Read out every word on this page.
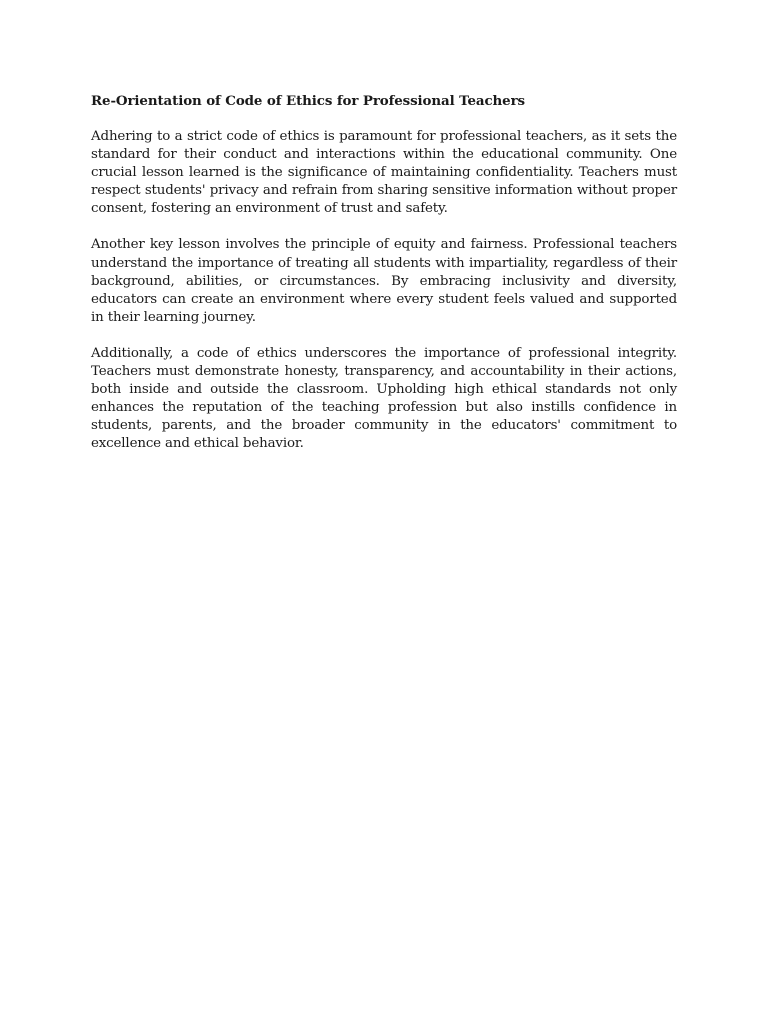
Re-Orientation of Code of Ethics for Professional Teachers

Adhering to a strict code of ethics is paramount for professional teachers, as it sets the standard for their conduct and interactions within the educational community. One crucial lesson learned is the significance of maintaining confidentiality. Teachers must respect students' privacy and refrain from sharing sensitive information without proper consent, fostering an environment of trust and safety.

Another key lesson involves the principle of equity and fairness. Professional teachers understand the importance of treating all students with impartiality, regardless of their background, abilities, or circumstances. By embracing inclusivity and diversity, educators can create an environment where every student feels valued and supported in their learning journey.

Additionally, a code of ethics underscores the importance of professional integrity. Teachers must demonstrate honesty, transparency, and accountability in their actions, both inside and outside the classroom. Upholding high ethical standards not only enhances the reputation of the teaching profession but also instills confidence in students, parents, and the broader community in the educators' commitment to excellence and ethical behavior.
